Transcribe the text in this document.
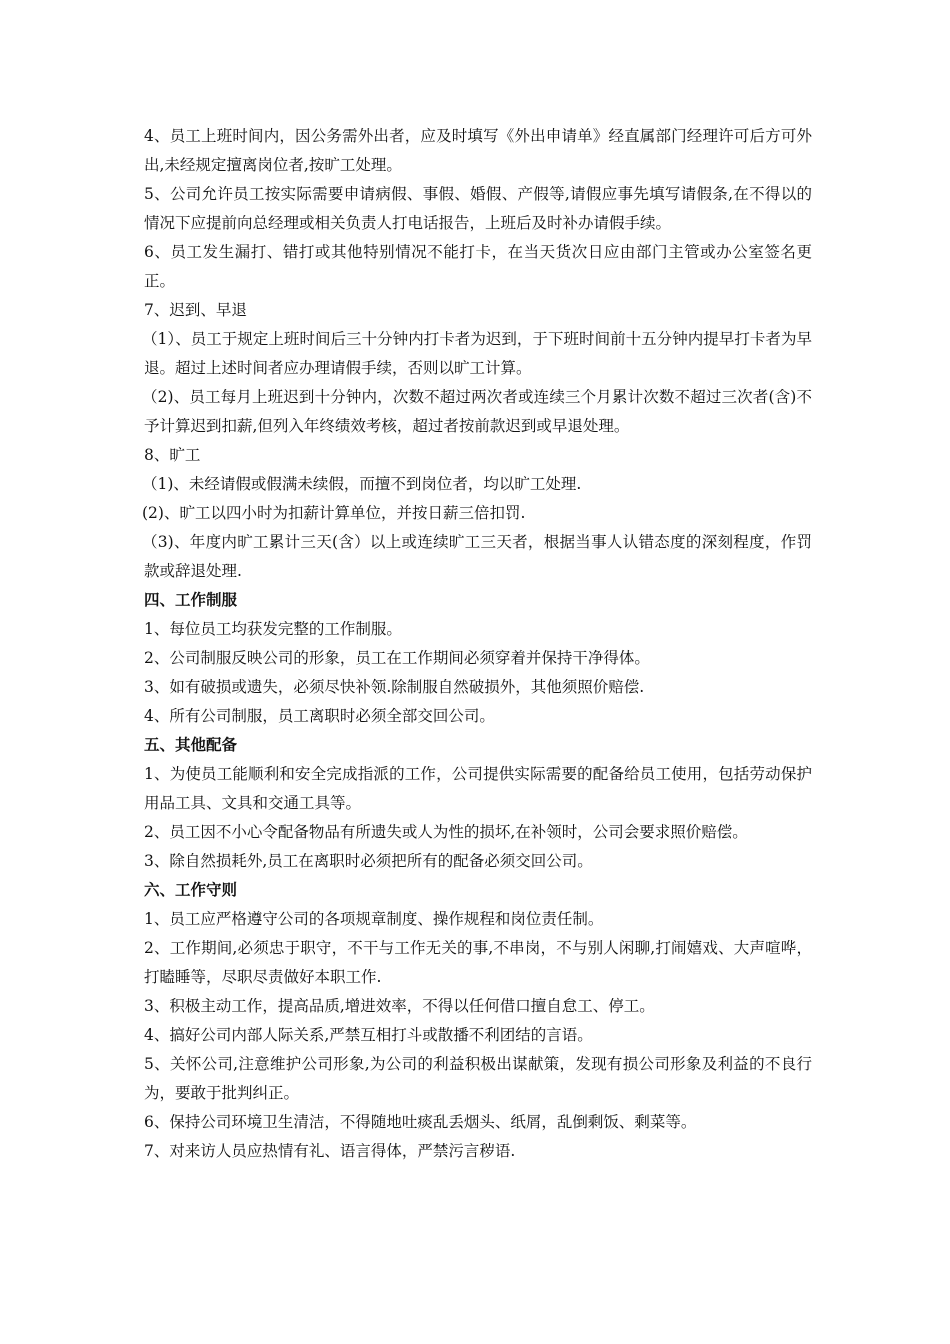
4、员工上班时间内，因公务需外出者，应及时填写《外出申请单》经直属部门经理许可后方可外出,未经规定擅离岗位者,按旷工处理。

5、公司允许员工按实际需要申请病假、事假、婚假、产假等,请假应事先填写请假条,在不得以的情况下应提前向总经理或相关负责人打电话报告，上班后及时补办请假手续。

6、员工发生漏打、错打或其他特别情况不能打卡，在当天货次日应由部门主管或办公室签名更正。

7、迟到、早退

（1）、员工于规定上班时间后三十分钟内打卡者为迟到，于下班时间前十五分钟内提早打卡者为早退。超过上述时间者应办理请假手续，否则以旷工计算。

（2)、员工每月上班迟到十分钟内，次数不超过两次者或连续三个月累计次数不超过三次者(含)不予计算迟到扣薪,但列入年终绩效考核，超过者按前款迟到或早退处理。

8、旷工

（1)、未经请假或假满未续假，而擅不到岗位者，均以旷工处理.

(2)、旷工以四小时为扣薪计算单位，并按日薪三倍扣罚.

（3)、年度内旷工累计三天(含）以上或连续旷工三天者，根据当事人认错态度的深刻程度，作罚款或辞退处理.

四、工作制服

1、每位员工均获发完整的工作制服。

2、公司制服反映公司的形象，员工在工作期间必须穿着并保持干净得体。

3、如有破损或遗失，必须尽快补领.除制服自然破损外，其他须照价赔偿.

4、所有公司制服，员工离职时必须全部交回公司。

五、其他配备

1、为使员工能顺利和安全完成指派的工作，公司提供实际需要的配备给员工使用，包括劳动保护用品工具、文具和交通工具等。

2、员工因不小心令配备物品有所遗失或人为性的损坏,在补领时，公司会要求照价赔偿。

3、除自然损耗外,员工在离职时必须把所有的配备必须交回公司。

六、工作守则

1、员工应严格遵守公司的各项规章制度、操作规程和岗位责任制。

2、工作期间,必须忠于职守，不干与工作无关的事,不串岗，不与别人闲聊,打闹嬉戏、大声喧哗，打瞌睡等，尽职尽责做好本职工作.

3、积极主动工作，提高品质,增进效率，不得以任何借口擅自怠工、停工。

4、搞好公司内部人际关系,严禁互相打斗或散播不利团结的言语。

5、关怀公司,注意维护公司形象,为公司的利益积极出谋献策，发现有损公司形象及利益的不良行为，要敢于批判纠正。

6、保持公司环境卫生清洁，不得随地吐痰乱丢烟头、纸屑，乱倒剩饭、剩菜等。

7、对来访人员应热情有礼、语言得体，严禁污言秽语.
